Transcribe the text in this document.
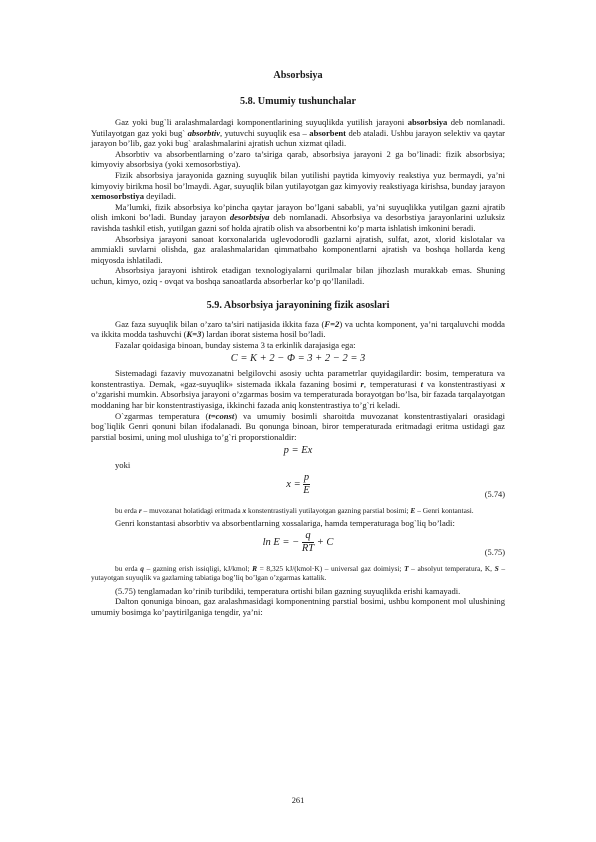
Absorbsiya
5.8. Umumiy tushunchalar

Gaz yoki bug`li aralashmalardagi komponentlarining suyuqlikda yutilish jarayoni absorbsiya deb nomlanadi. Yutilayotgan gaz yoki bug` absorbtiv, yutuvchi suyuqlik esa – absorbent deb ataladi. Ushbu jarayon selektiv va qaytar jarayon bo’lib, gaz yoki bug` aralashmalarini ajratish uchun xizmat qiladi.

Absorbtiv va absorbentlarning o’zaro ta’siriga qarab, absorbsiya jarayoni 2 ga bo’linadi: fizik absorbsiya; kimyoviy absorbsiya (yoki xemosorbstiya).

Fizik absorbsiya jarayonida gazning suyuqlik bilan yutilishi paytida kimyoviy reakstiya yuz bermaydi, ya’ni kimyoviy birikma hosil bo’lmaydi. Agar, suyuqlik bilan yutilayotgan gaz kimyoviy reakstiyaga kirishsa, bunday jarayon xemosorbstiya deyiladi.

Ma’lumki, fizik absorbsiya ko’pincha qaytar jarayon bo’lgani sababli, ya’ni suyuqlikka yutilgan gazni ajratib olish imkoni bo’ladi. Bunday jarayon desorbtsiya deb nomlanadi. Absorbsiya va desorbstiya jarayonlarini uzluksiz ravishda tashkil etish, yutilgan gazni sof holda ajratib olish va absorbentni ko’p marta ishlatish imkonini beradi.

Absorbsiya jarayoni sanoat korxonalarida uglevodorodli gazlarni ajratish, sulfat, azot, xlorid kislotalar va ammiakli suvlarni olishda, gaz aralashmalaridan qimmatbaho komponentlarni ajratish va boshqa hollarda keng miqyosda ishlatiladi.

Absorbsiya jarayoni ishtirok etadigan texnologiyalarni qurilmalar bilan jihozlash murakkab emas. Shuning uchun, kimyo, oziq - ovqat va boshqa sanoatlarda absorberlar ko’p qo’llaniladi.

5.9. Absorbsiya jarayonining fizik asoslari

Gaz faza suyuqlik bilan o’zaro ta’siri natijasida ikkita faza (F=2) va uchta komponent, ya’ni tarqaluvchi modda va ikkita modda tashuvchi (K=3) lardan iborat sistema hosil bo’ladi.

Fazalar qoidasiga binoan, bunday sistema 3 ta erkinlik darajasiga ega:

C = K + 2 − Φ = 3 + 2 − 2 = 3

Sistemadagi fazaviy muvozanatni belgilovchi asosiy uchta parametrlar quyidagilardir: bosim, temperatura va konstentrastiya. Demak, «gaz-suyuqlik» sistemada ikkala fazaning bosimi r, temperaturasi t va konstentrastiyasi x o’zgarishi mumkin. Absorbsiya jarayoni o’zgarmas bosim va temperaturada borayotgan bo’lsa, bir fazada tarqalayotgan moddaning har bir konstentrastiyasiga, ikkinchi fazada aniq konstentrastiya to’g`ri keladi.

O`zgarmas temperatura (t=const) va umumiy bosimli sharoitda muvozanat konstentrastiyalari orasidagi bog`liqlik Genri qonuni bilan ifodalanadi. Bu qonunga binoan, biror temperaturada eritmadagi eritma ustidagi gaz parstial bosimi, uning mol ulushiga to’g`ri proporstionaldir:

p = Ex

yoki

$x = \frac{p}{E}$	(5.74)

bu erda r – muvozanat holatidagi eritmada x konstentrastiyali yutilayotgan gazning parstial bosimi; E – Genri kontantasi.

Genri konstantasi absorbtiv va absorbentlarning xossalariga, hamda temperaturaga bog`liq bo’ladi:

ln E = − $\frac{q}{RT} + C$
(5.75)

bu erda q – gazning erish issiqligi, kJ/kmol; R = 8,325 kJ/(kmol·K) – universal gaz doimiysi; T – absolyut temperatura, K, S – yutayotgan suyuqlik va gazlarning tabiatiga bog’liq bo’lgan o’zgarmas kattalik.

(5.75) tenglamadan ko’rinib turibdiki, temperatura ortishi bilan gazning suyuqlikda erishi kamayadi.

Dalton qonuniga binoan, gaz aralashmasidagi komponentning parstial bosimi, ushbu komponent mol ulushining umumiy bosimga ko’paytirilganiga tengdir, ya’ni:

261
